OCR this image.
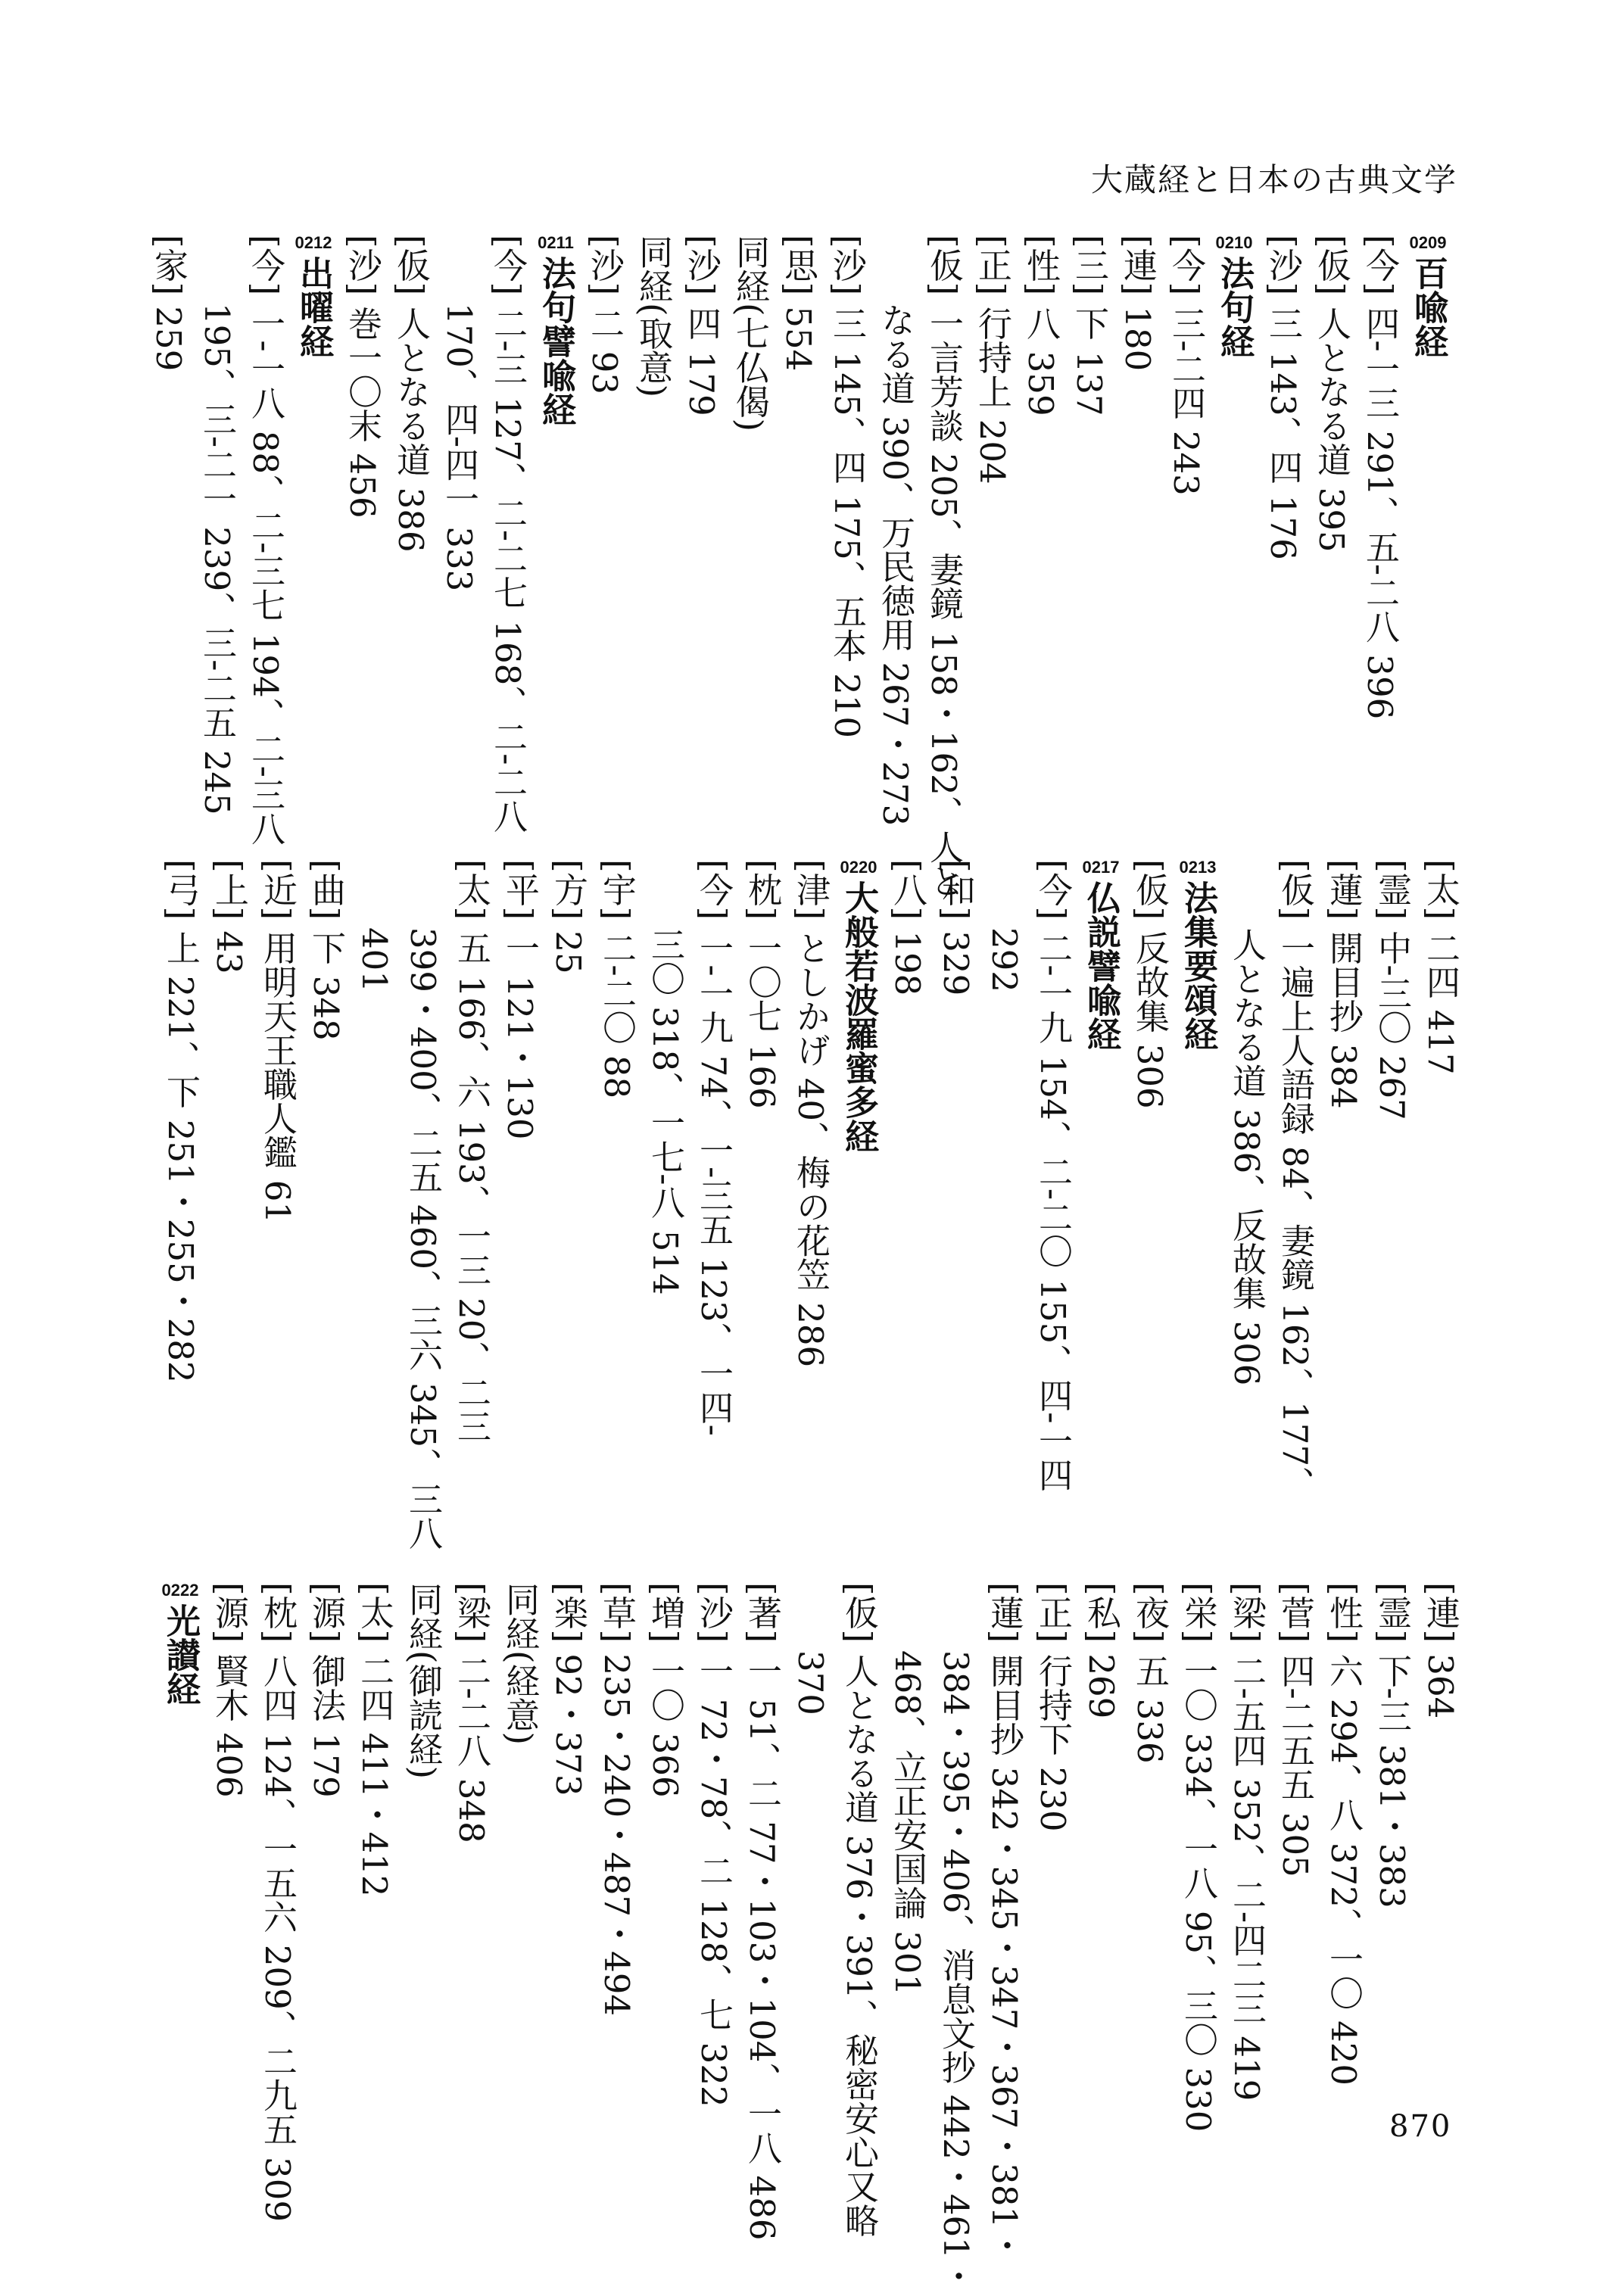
大蔵経と日本の古典文学
0209百喩経
[今] 四-一三 291、五-二八 396
[仮] 人となる道 395
[沙] 三 143、四 176
0210法句経
[今] 三-二四 243
[連] 180
[三] 下 137
[性] 八 359
[正] 行持上 204
[仮] 一言芳談 205、妻鏡 158・162、人と
なる道 390、万民徳用 267・273
[沙] 三 145、四 175、五本 210
[思] 554
同経(七仏偈)
[沙] 四 179
同経(取意)
[沙] 二 93
0211法句譬喩経
[今] 二-三 127、二-二七 168、二-二八
170、四-四一 333
[仮] 人となる道 386
[沙] 巻一〇末 456
0212出曜経
[今] 一-一八 88、二-三七 194、二-三八
195、三-二一 239、三-二五 245
[家] 259
[太] 二四 417
[霊] 中-三〇 267
[蓮] 開目抄 384
[仮] 一遍上人語録 84、妻鏡 162、177、
人となる道 386、反故集 306
0213法集要頌経
[仮] 反故集 306
0217仏説譬喩経
[今] 二-一九 154、二-二〇 155、四-一四
292
[和] 329
[八] 198
0220大般若波羅蜜多経
[津] としかげ 40、梅の花笠 286
[枕] 一〇七 166
[今] 一-一九 74、一-三五 123、一四-
三〇 318、一七-八 514
[宇] 二-二〇 88
[方] 25
[平] 一 121・130
[太] 五 166、六 193、一三 20、二三
399・400、二五 460、三六 345、三八
401
[曲] 下 348
[近] 用明天王職人鑑 61
[上] 43
[弓] 上 221、下 251・255・282
[連] 364
[霊] 下-三 381・383
[性] 六 294、八 372、一〇 420
[菅] 四-二五五 305
[梁] 二-五四 352、二-四二三 419
[栄] 一〇 334、一八 95、三〇 330
[夜] 五 336
[私] 269
[正] 行持下 230
[蓮] 開目抄 342・345・347・367・381・
384・395・406、消息文抄 442・461・
468、立正安国論 301
[仮] 人となる道 376・391、秘密安心又略
370
[著] 一 51、二 77・103・104、一八 486
[沙] 一 72・78、二 128、七 322
[増] 一〇 366
[草] 235・240・487・494
[楽] 92・373
同経(経意)
[梁] 二-二八 348
同経(御読経)
[太] 二四 411・412
[源] 御法 179
[枕] 八四 124、一五六 209、二九五 309
[源] 賢木 406
0222光讃経
870
